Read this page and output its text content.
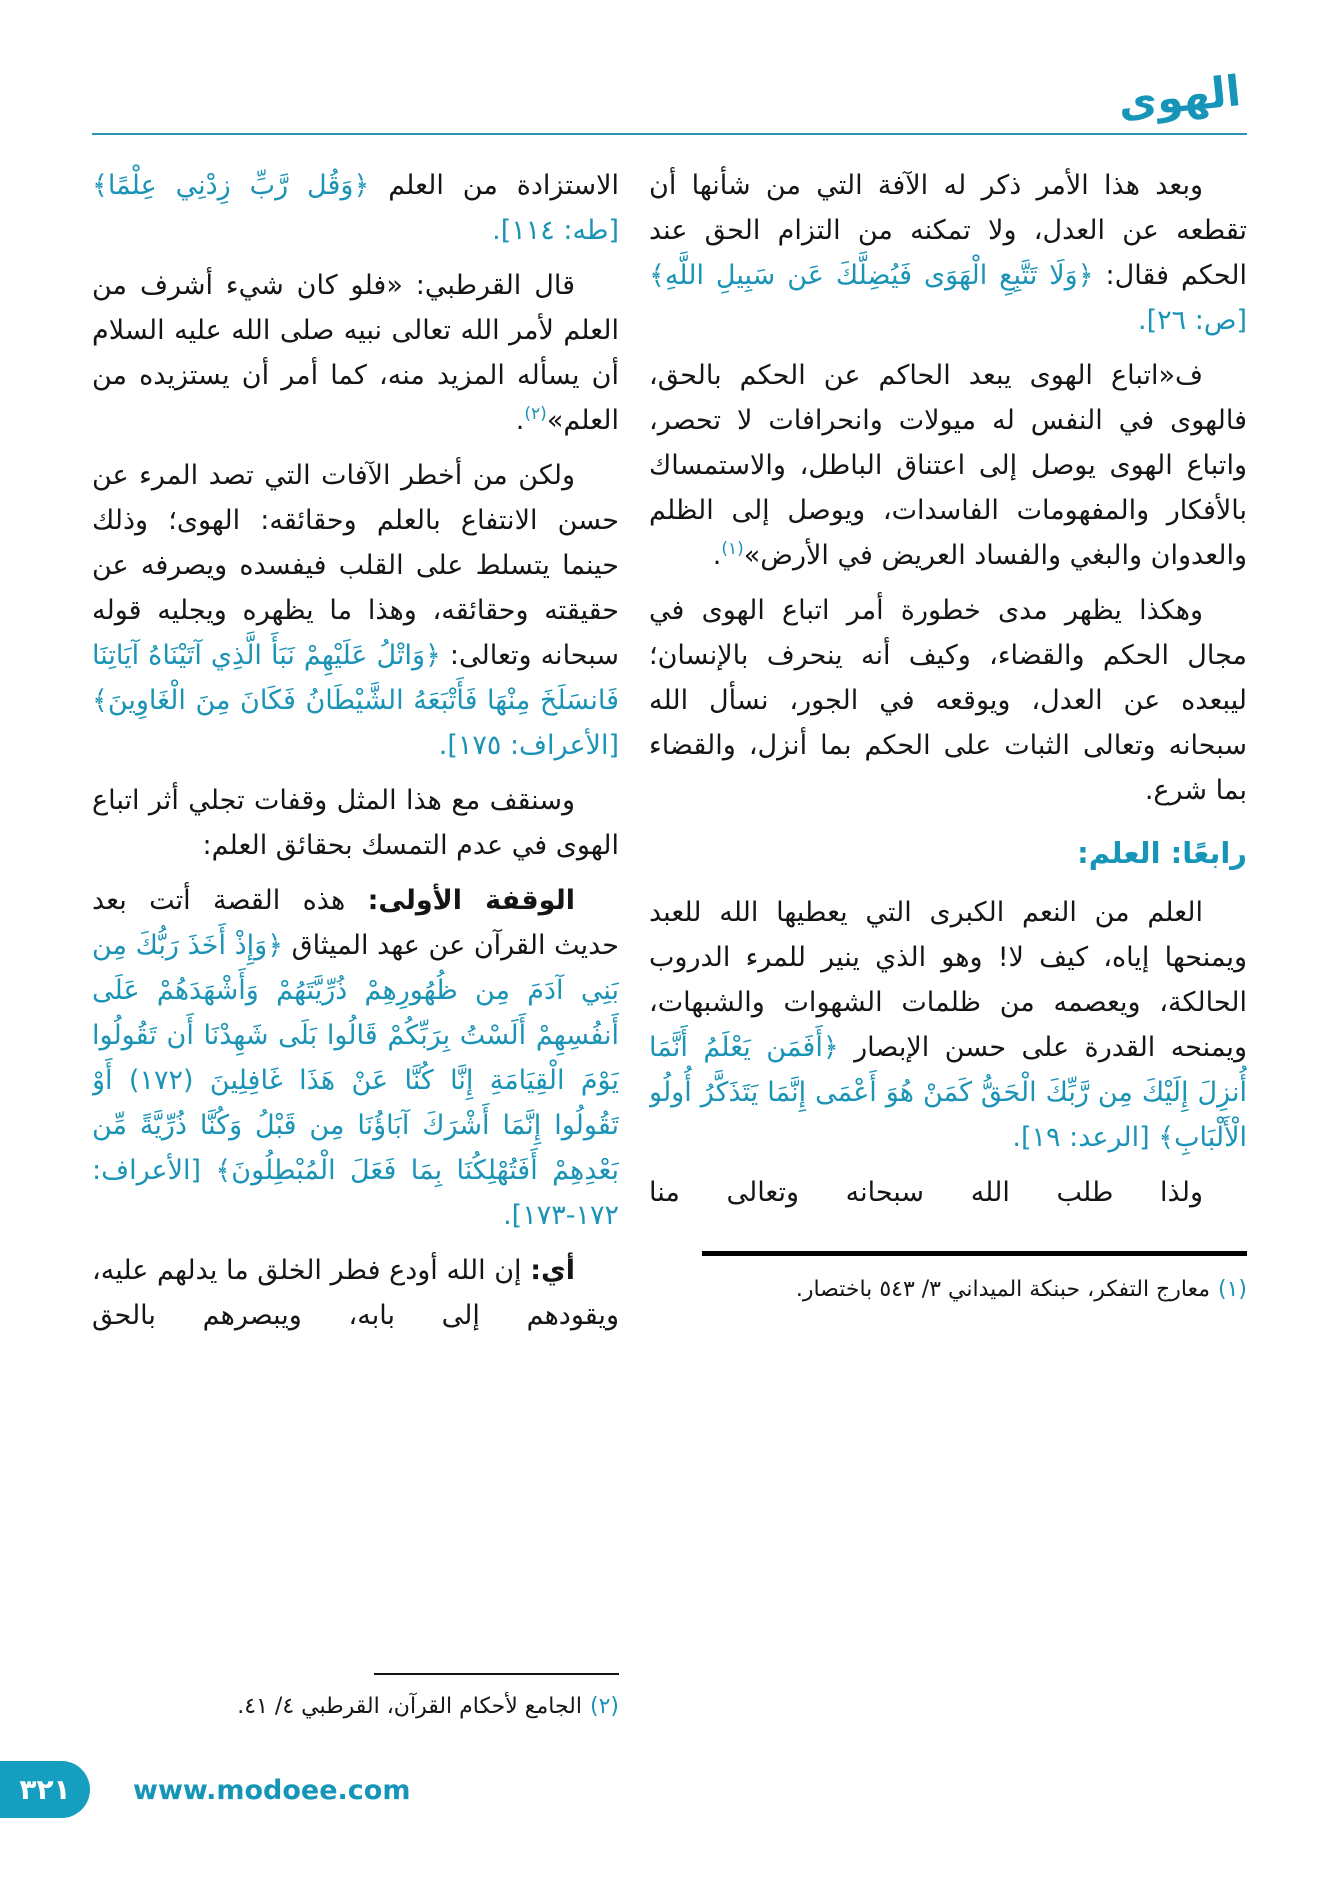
الهوى

وبعد هذا الأمر ذكر له الآفة التي من شأنها أن تقطعه عن العدل، ولا تمكنه من التزام الحق عند الحكم فقال: ﴿وَلَا تَتَّبِعِ الْهَوَى فَيُضِلَّكَ عَن سَبِيلِ اللَّهِ﴾ [ص: ٢٦].

ف«اتباع الهوى يبعد الحاكم عن الحكم بالحق، فالهوى في النفس له ميولات وانحرافات لا تحصر، واتباع الهوى يوصل إلى اعتناق الباطل، والاستمساك بالأفكار والمفهومات الفاسدات، ويوصل إلى الظلم والعدوان والبغي والفساد العريض في الأرض»$^{(١)}$.

وهكذا يظهر مدى خطورة أمر اتباع الهوى في مجال الحكم والقضاء، وكيف أنه ينحرف بالإنسان؛ ليبعده عن العدل، ويوقعه في الجور، نسأل الله سبحانه وتعالى الثبات على الحكم بما أنزل، والقضاء بما شرع.

رابعًا: العلم:

العلم من النعم الكبرى التي يعطيها الله للعبد ويمنحها إياه، كيف لا! وهو الذي ينير للمرء الدروب الحالكة، ويعصمه من ظلمات الشهوات والشبهات، ويمنحه القدرة على حسن الإبصار ﴿أَفَمَن يَعْلَمُ أَنَّمَا أُنزِلَ إِلَيْكَ مِن رَّبِّكَ الْحَقُّ كَمَنْ هُوَ أَعْمَى إِنَّمَا يَتَذَكَّرُ أُولُو الْأَلْبَابِ﴾ [الرعد: ١٩].

ولذا طلب الله سبحانه وتعالى منا

(١)معارج التفكر، حبنكة الميداني ٣/ ٥٤٣ باختصار.

الاستزادة من العلم ﴿وَقُل رَّبِّ زِدْنِي عِلْمًا﴾ [طه: ١١٤].

قال القرطبي: «فلو كان شيء أشرف من العلم لأمر الله تعالى نبيه صلى الله عليه السلام أن يسأله المزيد منه، كما أمر أن يستزيده من العلم»$^{(٢)}$.

ولكن من أخطر الآفات التي تصد المرء عن حسن الانتفاع بالعلم وحقائقه: الهوى؛ وذلك حينما يتسلط على القلب فيفسده ويصرفه عن حقيقته وحقائقه، وهذا ما يظهره ويجليه قوله سبحانه وتعالى: ﴿وَاتْلُ عَلَيْهِمْ نَبَأَ الَّذِي آتَيْنَاهُ آيَاتِنَا فَانسَلَخَ مِنْهَا فَأَتْبَعَهُ الشَّيْطَانُ فَكَانَ مِنَ الْغَاوِينَ﴾ [الأعراف: ١٧٥].

وسنقف مع هذا المثل وقفات تجلي أثر اتباع الهوى في عدم التمسك بحقائق العلم:

الوقفة الأولى: هذه القصة أتت بعد حديث القرآن عن عهد الميثاق ﴿وَإِذْ أَخَذَ رَبُّكَ مِن بَنِي آدَمَ مِن ظُهُورِهِمْ ذُرِّيَّتَهُمْ وَأَشْهَدَهُمْ عَلَى أَنفُسِهِمْ أَلَسْتُ بِرَبِّكُمْ قَالُوا بَلَى شَهِدْنَا أَن تَقُولُوا يَوْمَ الْقِيَامَةِ إِنَّا كُنَّا عَنْ هَذَا غَافِلِينَ (١٧٢) أَوْ تَقُولُوا إِنَّمَا أَشْرَكَ آبَاؤُنَا مِن قَبْلُ وَكُنَّا ذُرِّيَّةً مِّن بَعْدِهِمْ أَفَتُهْلِكُنَا بِمَا فَعَلَ الْمُبْطِلُونَ﴾ [الأعراف: ١٧٢-١٧٣].

أي: إن الله أودع فطر الخلق ما يدلهم عليه، ويقودهم إلى بابه، ويبصرهم بالحق

(٢)الجامع لأحكام القرآن، القرطبي ٤/ ٤١.

٣٢١ www.modoee.com
